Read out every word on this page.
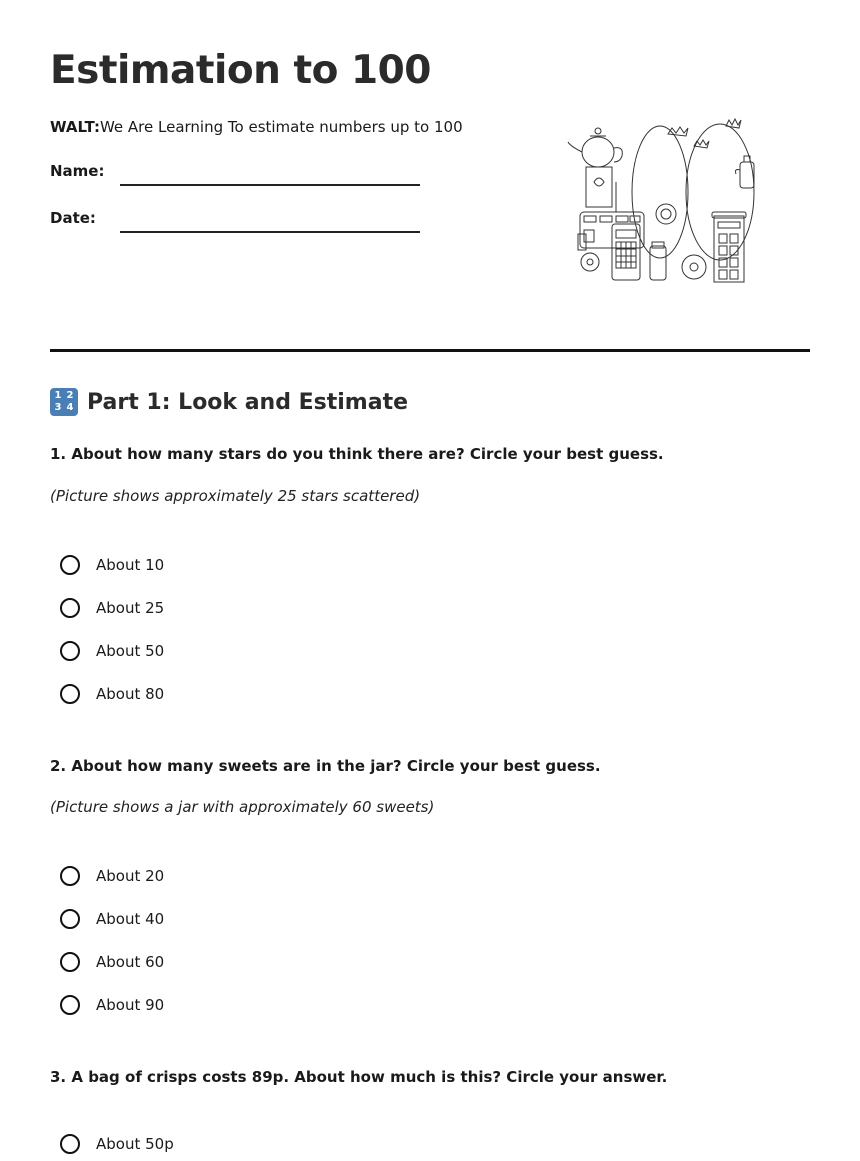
Estimation to 100
WALT:We Are Learning To estimate numbers up to 100
Name:
Date:
1 2
3 4 Part 1: Look and Estimate
1. About how many stars do you think there are? Circle your best guess.
(Picture shows approximately 25 stars scattered)
About 10
About 25
About 50
About 80
2. About how many sweets are in the jar? Circle your best guess.
(Picture shows a jar with approximately 60 sweets)
About 20
About 40
About 60
About 90
3. A bag of crisps costs 89p. About how much is this? Circle your answer.
About 50p
